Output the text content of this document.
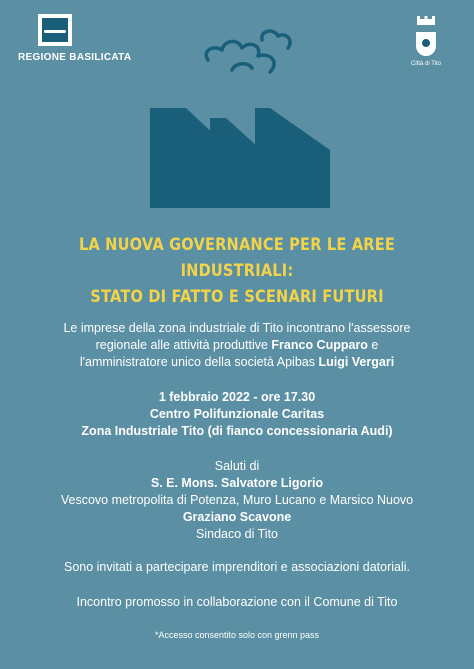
REGIONE BASILICATA
Città di Tito
LA NUOVA GOVERNANCE PER LE AREE INDUSTRIALI:
STATO DI FATTO E SCENARI FUTURI
Le imprese della zona industriale di Tito incontrano l'assessore
regionale alle attività produttive Franco Cupparo e
l'amministratore unico della società Apibas Luigi Vergari
1 febbraio 2022 - ore 17.30
Centro Polifunzionale Caritas
Zona Industriale Tito (di fianco concessionaria Audi)
Saluti di
S. E. Mons. Salvatore Ligorio
Vescovo metropolita di Potenza, Muro Lucano e Marsico Nuovo
Graziano Scavone
Sindaco di Tito
Sono invitati a partecipare imprenditori e associazioni datoriali.
Incontro promosso in collaborazione con il Comune di Tito
*Accesso consentito solo con grenn pass
